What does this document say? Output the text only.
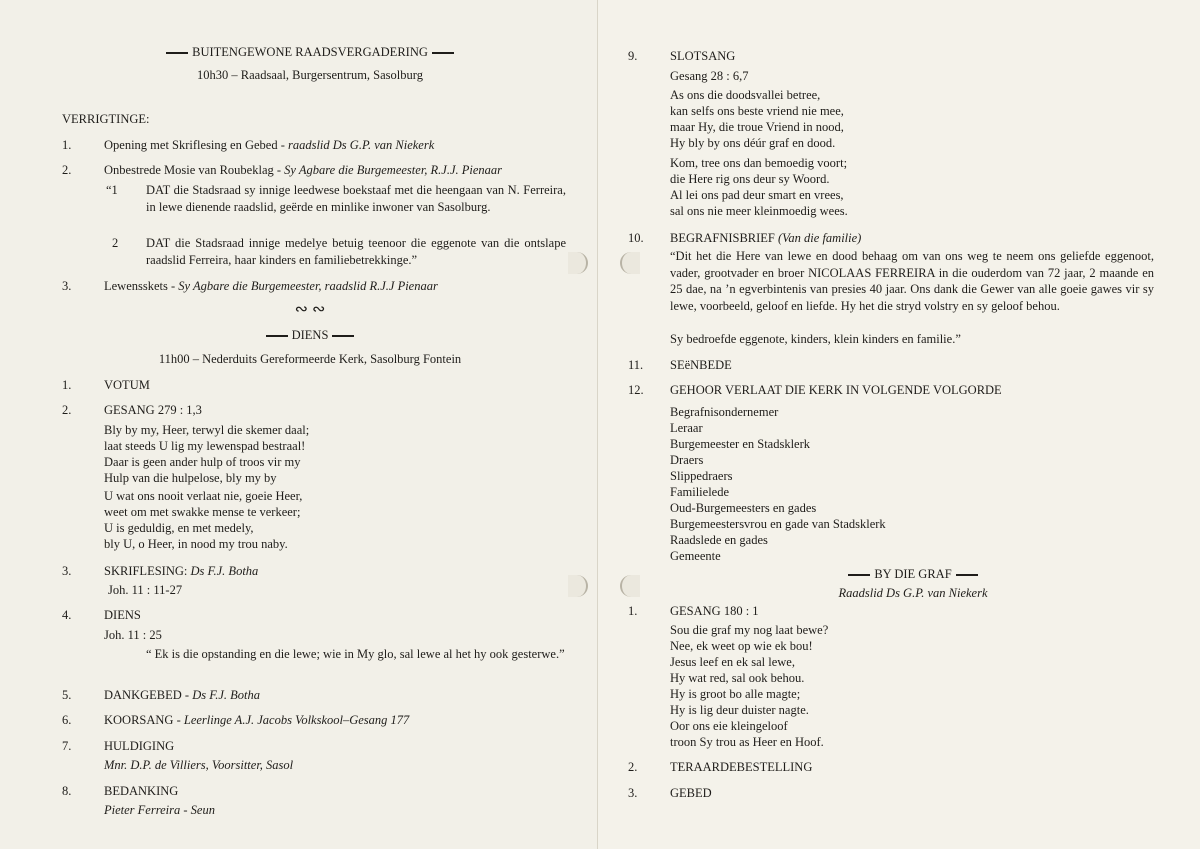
BUITENGEWONE RAADSVERGADERING
10h30 – Raadsaal, Burgersentrum, Sasolburg
VERRIGTINGE:
1.	Opening met Skriflesing en Gebed - raadslid Ds G.P. van Niekerk
2.	Onbestrede Mosie van Roubeklag - Sy Agbare die Burgemeester, R.J.J. Pienaar
“1 DAT die Stadsraad sy innige leedwese boekstaaf met die heengaan van N. Ferreira, in lewe dienende raadslid, geërde en minlike inwoner van Sasolburg.
2 DAT die Stadsraad innige medelye betuig teenoor die eggenote van die ontslape raadslid Ferreira, haar kinders en familiebetrekkinge.”
3.	Lewensskets - Sy Agbare die Burgemeester, raadslid R.J.J Pienaar
∾ ∾
DIENS
11h00 – Nederduits Gereformeerde Kerk, Sasolburg Fontein
1.	VOTUM
2.	GESANG 279 : 1,3
Bly by my, Heer, terwyl die skemer daal;
laat steeds U lig my lewenspad bestraal!
Daar is geen ander hulp of troos vir my
Hulp van die hulpelose, bly my by
U wat ons nooit verlaat nie, goeie Heer,
weet om met swakke mense te verkeer;
U is geduldig, en met medely,
bly U, o Heer, in nood my trou naby.
3.	SKRIFLESING: Ds F.J. Botha
Joh. 11 : 11-27
4.	DIENS
Joh. 11 : 25
“ Ek is die opstanding en die lewe; wie in My glo, sal lewe al het hy ook gesterwe.”
5.	DANKGEBED - Ds F.J. Botha
6.	KOORSANG - Leerlinge A.J. Jacobs Volkskool–Gesang 177
7.	HULDIGING
Mnr. D.P. de Villiers, Voorsitter, Sasol
8.	BEDANKING
Pieter Ferreira - Seun
9.	SLOTSANG
Gesang 28 : 6,7
As ons die doodsvallei betree,
kan selfs ons beste vriend nie mee,
maar Hy, die troue Vriend in nood,
Hy bly by ons déúr graf en dood.
Kom, tree ons dan bemoedig voort;
die Here rig ons deur sy Woord.
Al lei ons pad deur smart en vrees,
sal ons nie meer kleinmoedig wees.
10. BEGRAFNISBRIEF (Van die familie)
“Dit het die Here van lewe en dood behaag om van ons weg te neem ons geliefde eggenoot, vader, grootvader en broer NICOLAAS FERREIRA in die ouderdom van 72 jaar, 2 maande en 25 dae, na ’n egverbintenis van presies 40 jaar. Ons dank die Gewer van alle goeie gawes vir sy lewe, voorbeeld, geloof en liefde. Hy het die stryd volstry en sy geloof behou.
Sy bedroefde eggenote, kinders, klein kinders en familie.”
11. SEëNBEDE
12. GEHOOR VERLAAT DIE KERK IN VOLGENDE VOLGORDE
Begrafnisondernemer
Leraar
Burgemeester en Stadsklerk
Draers
Slippedraers
Familielede
Oud-Burgemeesters en gades
Burgemeestersvrou en gade van Stadsklerk
Raadslede en gades
Gemeente
BY DIE GRAF
Raadslid Ds G.P. van Niekerk
1.	GESANG 180 : 1
Sou die graf my nog laat bewe?
Nee, ek weet op wie ek bou!
Jesus leef en ek sal lewe,
Hy wat red, sal ook behou.
Hy is groot bo alle magte;
Hy is lig deur duister nagte.
Oor ons eie kleingeloof
troon Sy trou as Heer en Hoof.
2.	TERAARDEBESTELLING
3.	GEBED
